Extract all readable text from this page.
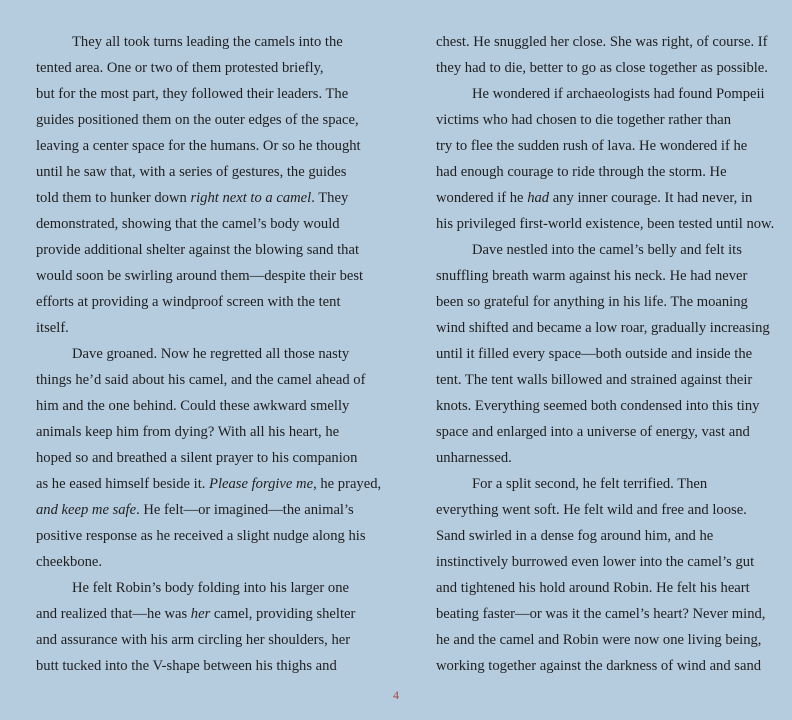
They all took turns leading the camels into the
tented area. One or two of them protested briefly,
but for the most part, they followed their leaders. The
guides positioned them on the outer edges of the space,
leaving a center space for the humans. Or so he thought
until he saw that, with a series of gestures, the guides
told them to hunker down right next to a camel. They
demonstrated, showing that the camel’s body would
provide additional shelter against the blowing sand that
would soon be swirling around them—despite their best
efforts at providing a windproof screen with the tent
itself.
Dave groaned. Now he regretted all those nasty
things he’d said about his camel, and the camel ahead of
him and the one behind. Could these awkward smelly
animals keep him from dying? With all his heart, he
hoped so and breathed a silent prayer to his companion
as he eased himself beside it. Please forgive me, he prayed,
and keep me safe. He felt—or imagined—the animal’s
positive response as he received a slight nudge along his
cheekbone.
He felt Robin’s body folding into his larger one
and realized that—he was her camel, providing shelter
and assurance with his arm circling her shoulders, her
butt tucked into the V-shape between his thighs and
chest. He snuggled her close. She was right, of course. If
they had to die, better to go as close together as possible.
He wondered if archaeologists had found Pompeii
victims who had chosen to die together rather than
try to flee the sudden rush of lava. He wondered if he
had enough courage to ride through the storm. He
wondered if he had any inner courage. It had never, in
his privileged first-world existence, been tested until now.
Dave nestled into the camel’s belly and felt its
snuffling breath warm against his neck. He had never
been so grateful for anything in his life. The moaning
wind shifted and became a low roar, gradually increasing
until it filled every space—both outside and inside the
tent. The tent walls billowed and strained against their
knots. Everything seemed both condensed into this tiny
space and enlarged into a universe of energy, vast and
unharnessed.
For a split second, he felt terrified. Then
everything went soft. He felt wild and free and loose.
Sand swirled in a dense fog around him, and he
instinctively burrowed even lower into the camel’s gut
and tightened his hold around Robin. He felt his heart
beating faster—or was it the camel’s heart? Never mind,
he and the camel and Robin were now one living being,
working together against the darkness of wind and sand
4
